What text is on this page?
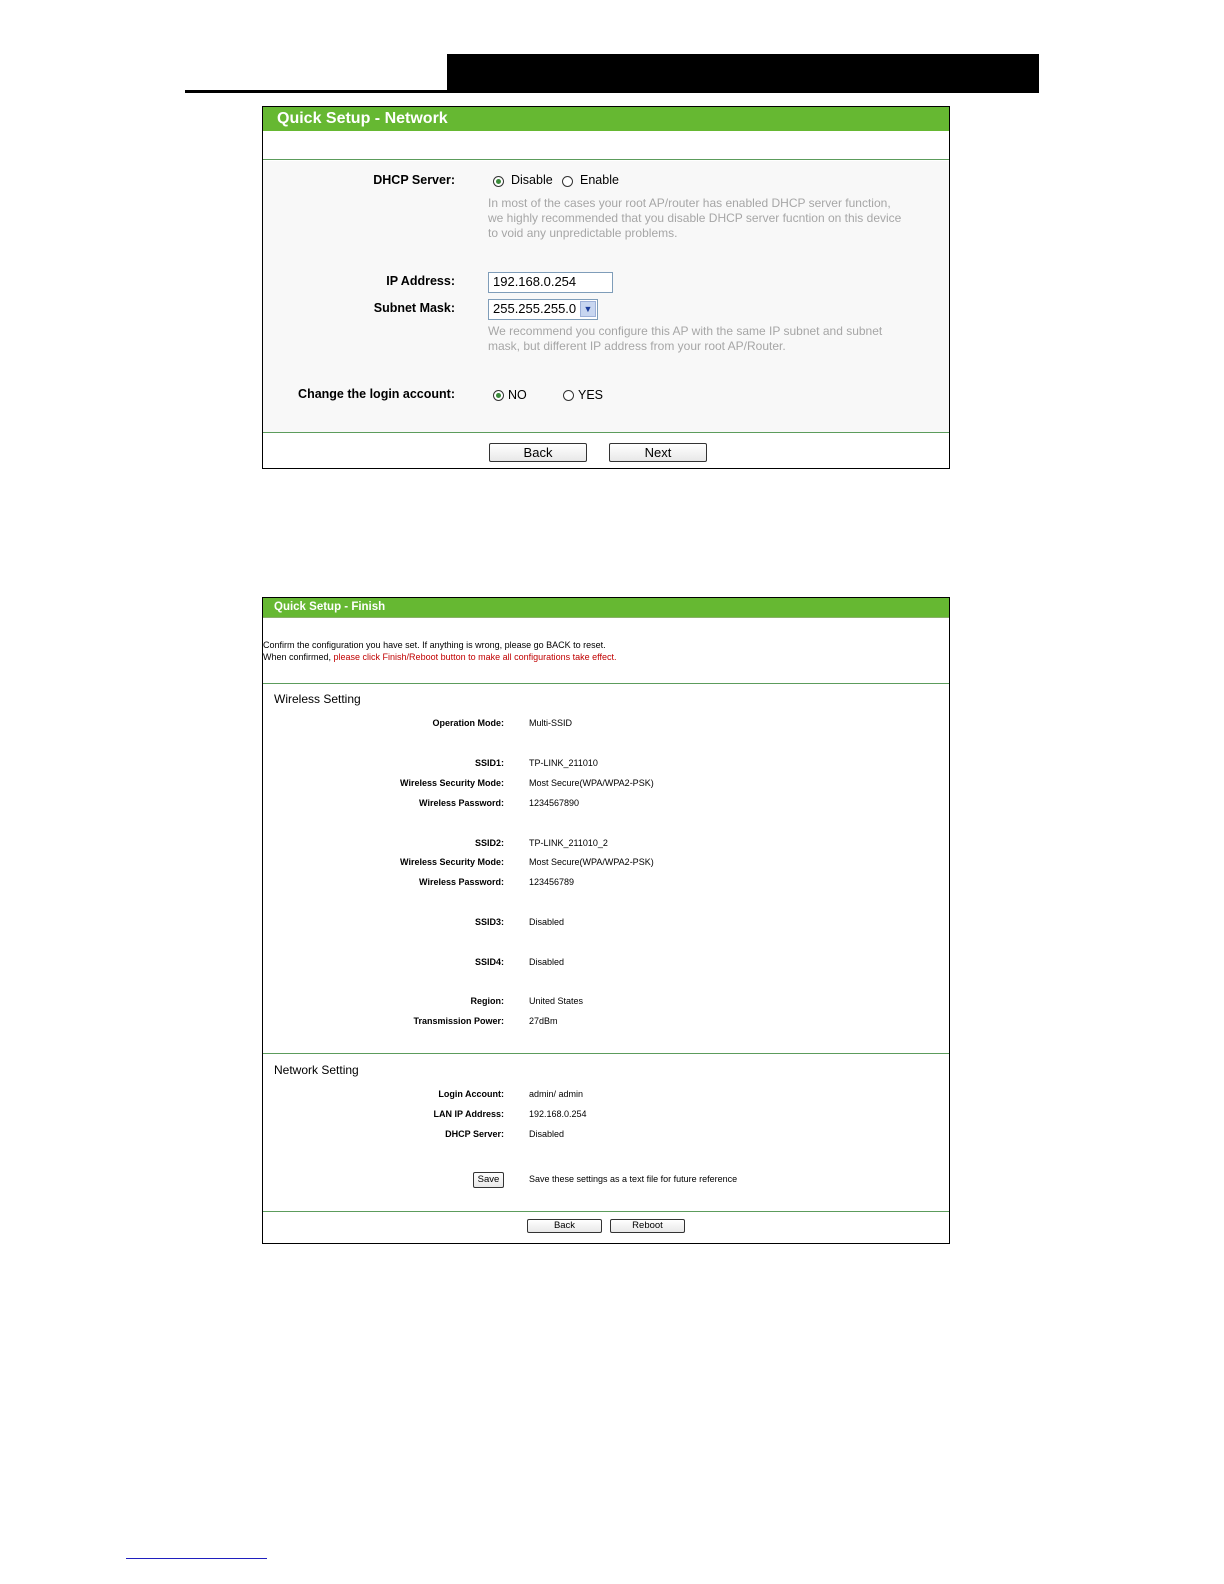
Quick Setup - Network
DHCP Server:	Disable Enable
In most of the cases your root AP/router has enabled DHCP server function,
we highly recommended that you disable DHCP server fucntion on this device
to void any unpredictable problems.
IP Address:	192.168.0.254
Subnet Mask:	255.255.255.0 ▼
We recommend you configure this AP with the same IP subnet and subnet
mask, but different IP address from your root AP/Router.
Change the login account:	NO	YES
Back	Next
Quick Setup - Finish
Confirm the configuration you have set. If anything is wrong, please go BACK to reset.
When confirmed, please click Finish/Reboot button to make all configurations take effect.
Wireless Setting
Operation Mode:	Multi-SSID
SSID1:	TP-LINK_211010
Wireless Security Mode:	Most Secure(WPA/WPA2-PSK)
Wireless Password:	1234567890
SSID2:	TP-LINK_211010_2
Wireless Security Mode:	Most Secure(WPA/WPA2-PSK)
Wireless Password:	123456789
SSID3:	Disabled
SSID4:	Disabled
Region:	United States
Transmission Power:	27dBm
Network Setting
Login Account:	admin/ admin
LAN IP Address:	192.168.0.254
DHCP Server:	Disabled
Save	Save these settings as a text file for future reference
Back	Reboot
